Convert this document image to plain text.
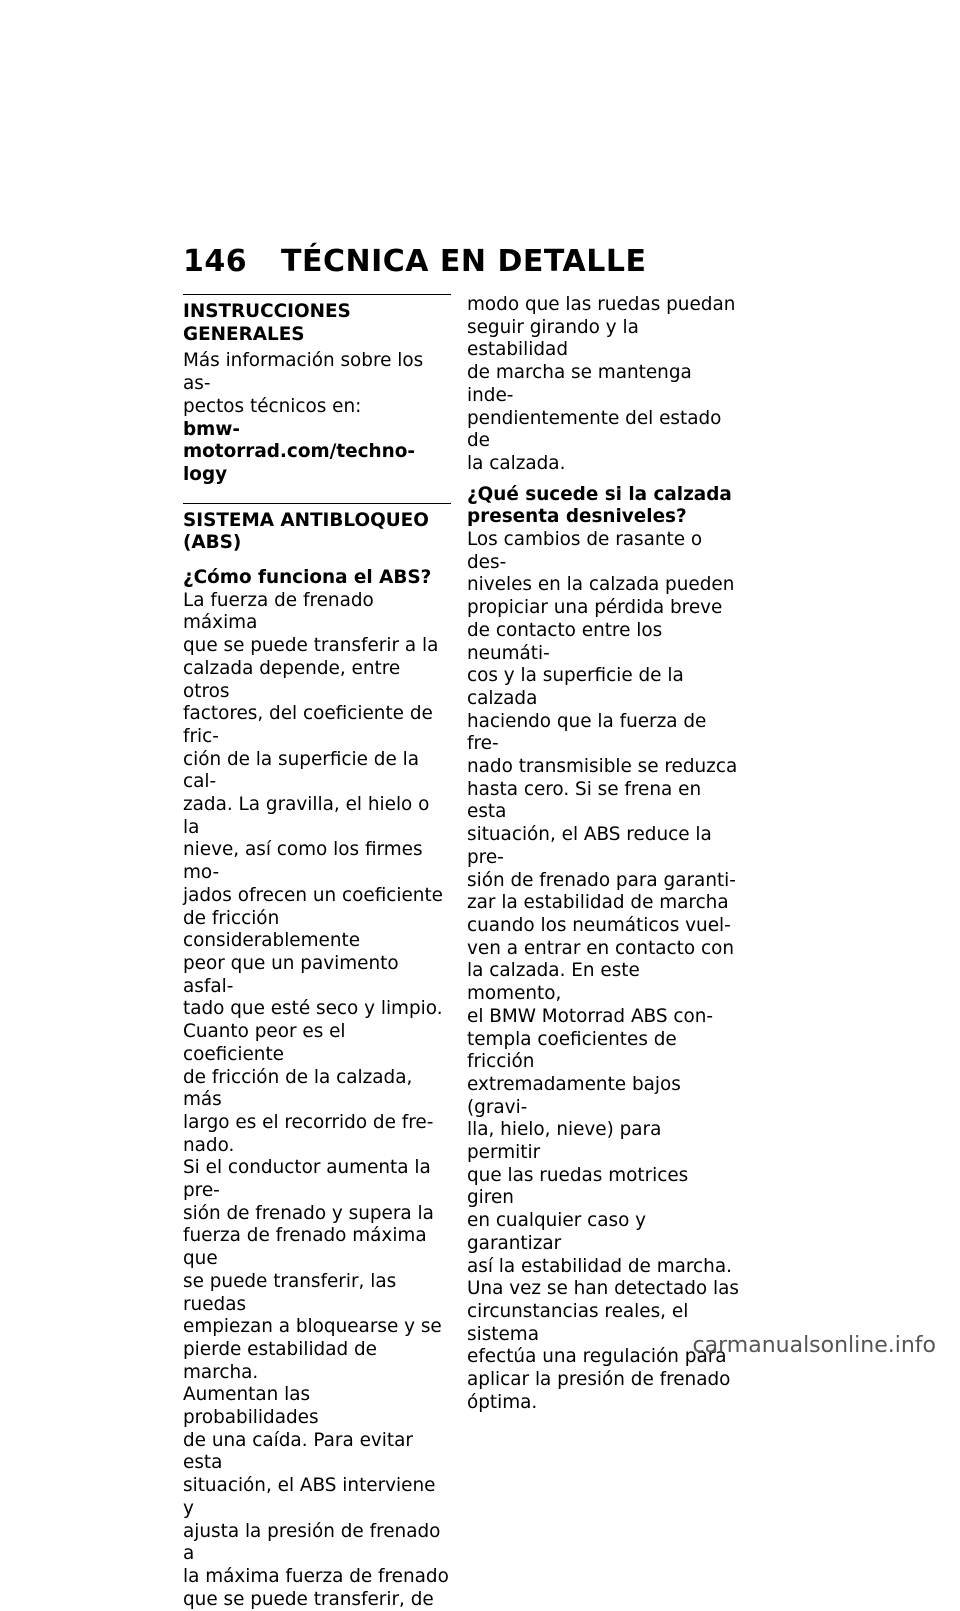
146 TÉCNICA EN DETALLE
INSTRUCCIONES GENERALES

Más información sobre los as-
pectos técnicos en:

bmw-motorrad.com/techno-
logy

SISTEMA ANTIBLOQUEO
(ABS)

¿Cómo funciona el ABS?

La fuerza de frenado máxima
que se puede transferir a la
calzada depende, entre otros
factores, del coeficiente de fric-
ción de la superficie de la cal-
zada. La gravilla, el hielo o la
nieve, así como los firmes mo-
jados ofrecen un coeficiente
de fricción considerablemente
peor que un pavimento asfal-
tado que esté seco y limpio.
Cuanto peor es el coeficiente
de fricción de la calzada, más
largo es el recorrido de fre-
nado.

Si el conductor aumenta la pre-
sión de frenado y supera la
fuerza de frenado máxima que
se puede transferir, las ruedas
empiezan a bloquearse y se
pierde estabilidad de marcha.
Aumentan las probabilidades
de una caída. Para evitar esta
situación, el ABS interviene y
ajusta la presión de frenado a
la máxima fuerza de frenado
que se puede transferir, de

modo que las ruedas puedan
seguir girando y la estabilidad
de marcha se mantenga inde-
pendientemente del estado de
la calzada.

¿Qué sucede si la calzada
presenta desniveles?

Los cambios de rasante o des-
niveles en la calzada pueden
propiciar una pérdida breve
de contacto entre los neumáti-
cos y la superficie de la calzada
haciendo que la fuerza de fre-
nado transmisible se reduzca
hasta cero. Si se frena en esta
situación, el ABS reduce la pre-
sión de frenado para garanti-
zar la estabilidad de marcha
cuando los neumáticos vuel-
ven a entrar en contacto con
la calzada. En este momento,
el BMW Motorrad ABS con-
templa coeficientes de fricción
extremadamente bajos (gravi-
lla, hielo, nieve) para permitir
que las ruedas motrices giren
en cualquier caso y garantizar
así la estabilidad de marcha.
Una vez se han detectado las
circunstancias reales, el sistema
efectúa una regulación para
aplicar la presión de frenado
óptima.

carmanualsonline.info
